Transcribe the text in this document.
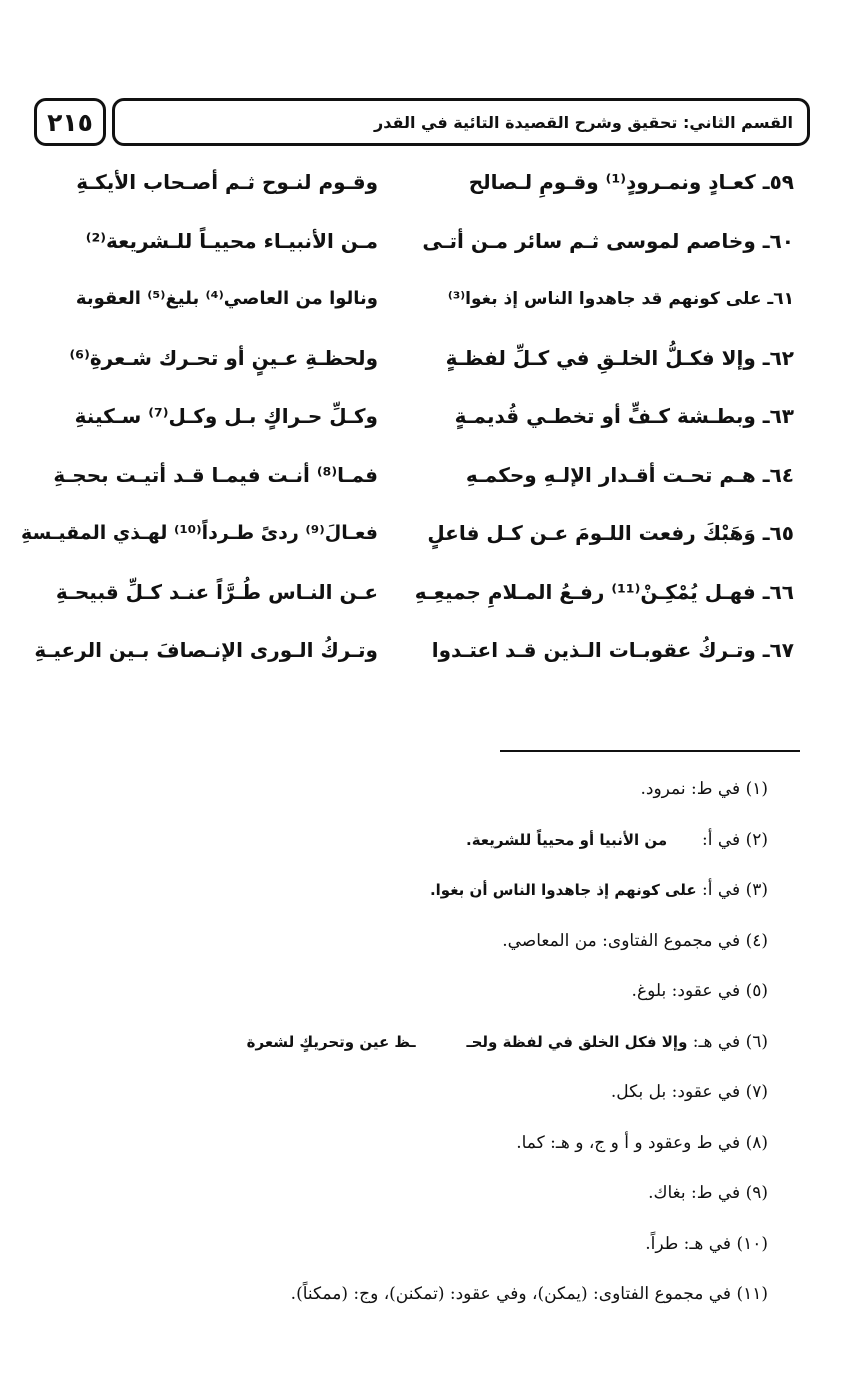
٢١٥	القسم الثاني: تحقيق وشرح القصيدة التائية في القدر
٥٩ـ كعـادٍ ونمـرودٍ⁽¹⁾ وقـومِ لـصالح
وقـوم لنـوح ثـم أصـحاب الأيكـةِ
٦٠ـ وخاصم لموسى ثـم سائر مـن أتـى
مـن الأنبيـاء محييـاً للـشريعة⁽²⁾
٦١ـ على كونهم قد جاهدوا الناس إذ بغوا⁽³⁾
ونالوا من العاصي⁽⁴⁾ بليغ⁽⁵⁾ العقوبة
٦٢ـ وإلا فكـلُّ الخلـقِ في كـلِّ لفظـةٍ
ولحظـةِ عـينٍ أو تحـرك شـعرةِ⁽⁶⁾
٦٣ـ وبطـشة كـفٍّ أو تخطـي قُديمـةٍ
وكـلِّ حـراكٍ بـل وكـل⁽⁷⁾ سـكينةِ
٦٤ـ هـم تحـت أقـدار الإلـهِ وحكمـهِ
فمـا⁽⁸⁾ أنـت فيمـا قـد أتيـت بحجـةِ
٦٥ـ وَهَبْكَ رفعت اللـومَ عـن كـل فاعلٍ
فعـالَ⁽⁹⁾ ردىً طـرداً⁽¹⁰⁾ لهـذي المقيـسةِ
٦٦ـ فهـل يُمْكِـنْ⁽¹¹⁾ رفـعُ المـلامِ جميعِـهِ
عـن النـاس طُـرَّاً عنـد كـلِّ قبيحـةِ
٦٧ـ وتـركُ عقوبـات الـذين قـد اعتـدوا
وتـركُ الـورى الإنـصافَ بـين الرعيـةِ
(١) في ط: نمرود.
(٢) في أ:  من الأنبيا أو محيياً للشريعة.
(٣) في أ: على كونهم إذ جاهدوا الناس أن بغوا.
(٤) في مجموع الفتاوى: من المعاصي.
(٥) في عقود: بلوغ.
(٦) في هـ: وإلا فكل الخلق في لفظة ولحـ  ـظ عين وتحريكٍ لشعرة
(٧) في عقود: بل بكل.
(٨) في ط وعقود و أ و ج، و هـ: كما.
(٩) في ط: بغاك.
(١٠) في هـ: طراً.
(١١) في مجموع الفتاوى: (يمكن)، وفي عقود: (تمكنن)، وج: (ممكناً).
